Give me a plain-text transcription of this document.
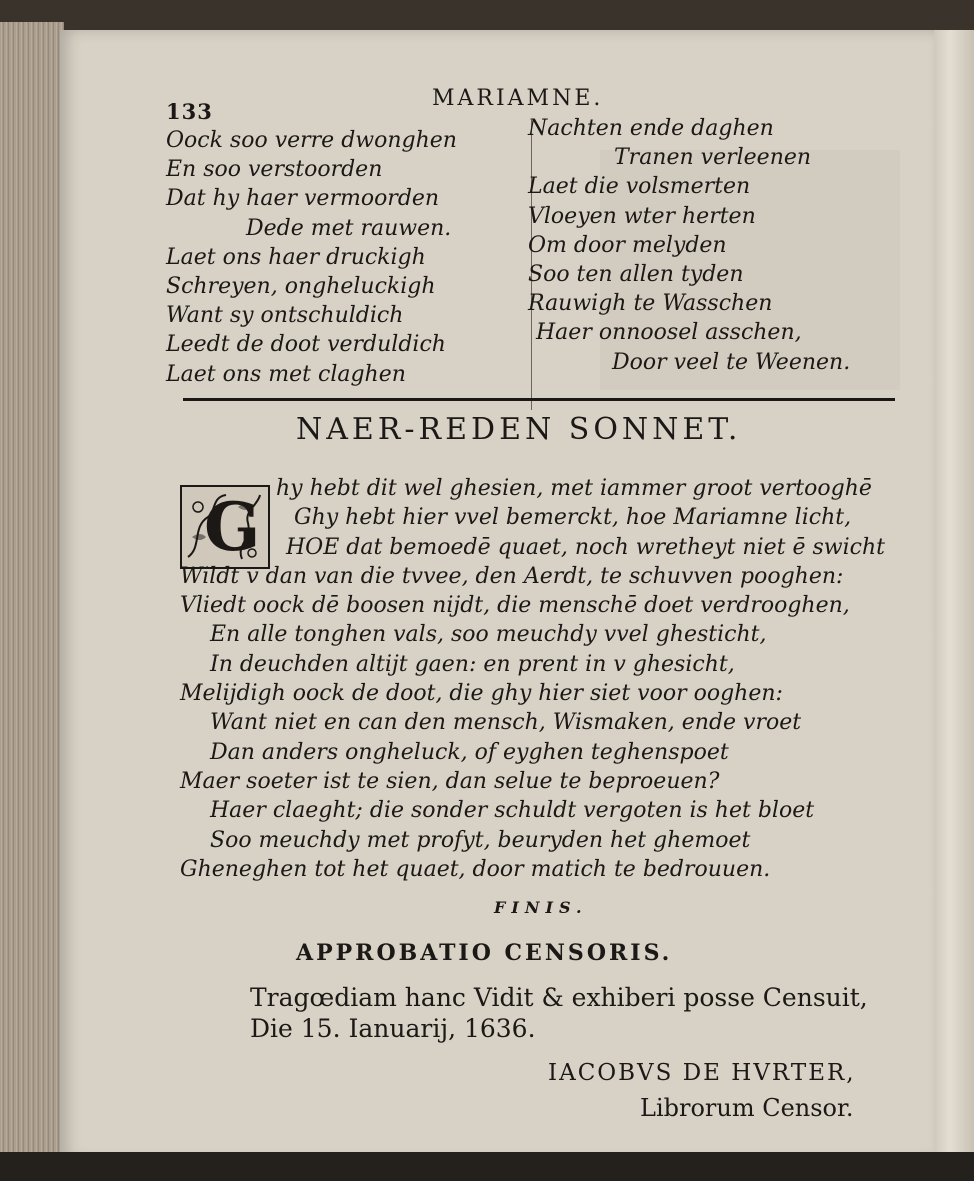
133
MARIAMNE.
Oock soo verre dwonghen
En soo verstoorden
Dat hy haer vermoorden
Dede met rauwen.
Laet ons haer druckigh
Schreyen, ongheluckigh
Want sy ontschuldich
Leedt de doot verduldich
Laet ons met claghen
Nachten ende daghen
Tranen verleenen
Laet die volsmerten
Vloeyen wter herten
Om door melyden
Soo ten allen tyden
Rauwigh te Wasschen
Haer onnoosel asschen,
Door veel te Weenen.
NAER-REDEN SONNET.
G hy hebt dit wel ghesien, met iammer groot vertooghē
Ghy hebt hier vvel bemerckt, hoe Mariamne licht,
HOE dat bemoedē quaet, noch wretheyt niet ē swicht
Wildt v dan van die tvvee, den Aerdt, te schuvven pooghen:
Vliedt oock dē boosen nijdt, die menschē doet verdrooghen,
En alle tonghen vals, soo meuchdy vvel ghesticht,
In deuchden altijt gaen: en prent in v ghesicht,
Melijdigh oock de doot, die ghy hier siet voor ooghen:
Want niet en can den mensch, Wismaken, ende vroet
Dan anders ongheluck, of eyghen teghenspoet
Maer soeter ist te sien, dan selue te beproeuen?
Haer claeght; die sonder schuldt vergoten is het bloet
Soo meuchdy met profyt, beuryden het ghemoet
Gheneghen tot het quaet, door matich te bedrouuen.
FINIS.
APPROBATIO CENSORIS.
Tragœdiam hanc Vidit & exhiberi posse Censuit,
Die 15. Ianuarij, 1636.
IACOBVS DE HVRTER,
Librorum Censor.
